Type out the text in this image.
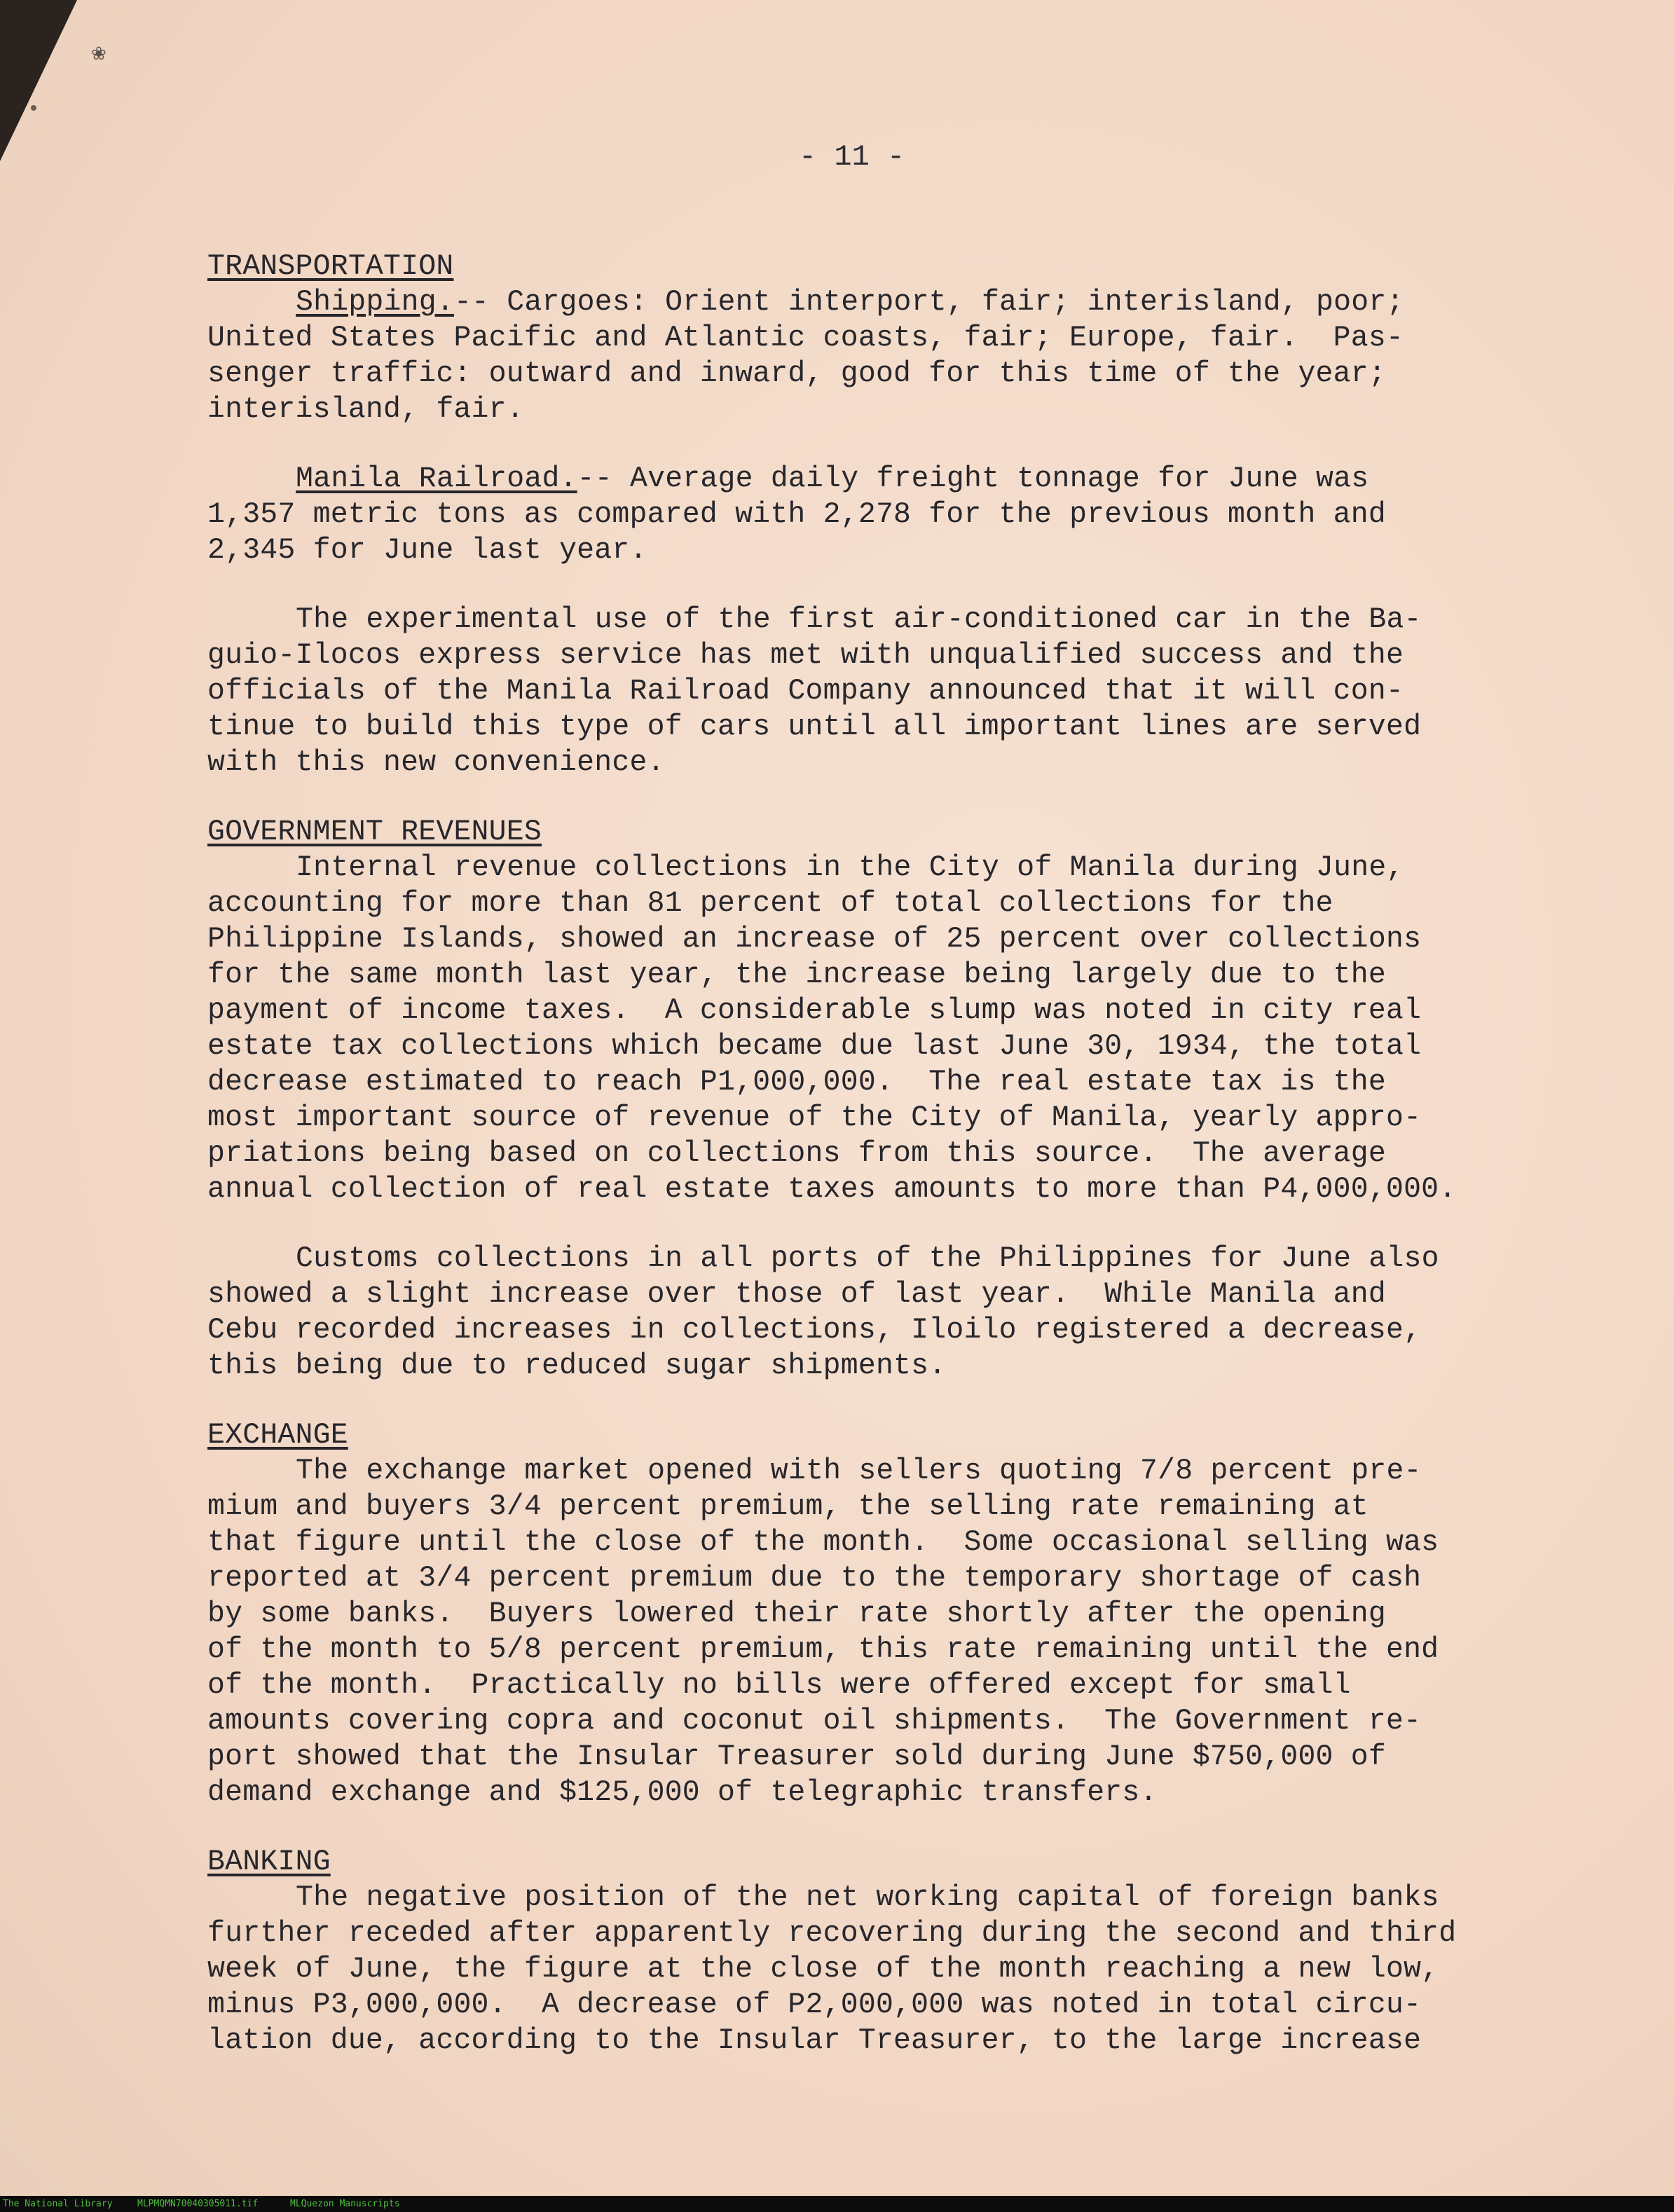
❀
- 11 -
TRANSPORTATION
Shipping.-- Cargoes: Orient interport, fair; interisland, poor;
United States Pacific and Atlantic coasts, fair; Europe, fair.  Pas-
senger traffic: outward and inward, good for this time of the year;
interisland, fair.
Manila Railroad.-- Average daily freight tonnage for June was
1,357 metric tons as compared with 2,278 for the previous month and
2,345 for June last year.
The experimental use of the first air-conditioned car in the Ba-
guio-Ilocos express service has met with unqualified success and the
officials of the Manila Railroad Company announced that it will con-
tinue to build this type of cars until all important lines are served
with this new convenience.
GOVERNMENT REVENUES
Internal revenue collections in the City of Manila during June,
accounting for more than 81 percent of total collections for the
Philippine Islands, showed an increase of 25 percent over collections
for the same month last year, the increase being largely due to the
payment of income taxes.  A considerable slump was noted in city real
estate tax collections which became due last June 30, 1934, the total
decrease estimated to reach P1,000,000.  The real estate tax is the
most important source of revenue of the City of Manila, yearly appro-
priations being based on collections from this source.  The average
annual collection of real estate taxes amounts to more than P4,000,000.
Customs collections in all ports of the Philippines for June also
showed a slight increase over those of last year.  While Manila and
Cebu recorded increases in collections, Iloilo registered a decrease,
this being due to reduced sugar shipments.
EXCHANGE
The exchange market opened with sellers quoting 7/8 percent pre-
mium and buyers 3/4 percent premium, the selling rate remaining at
that figure until the close of the month.  Some occasional selling was
reported at 3/4 percent premium due to the temporary shortage of cash
by some banks.  Buyers lowered their rate shortly after the opening
of the month to 5/8 percent premium, this rate remaining until the end
of the month.  Practically no bills were offered except for small
amounts covering copra and coconut oil shipments.  The Government re-
port showed that the Insular Treasurer sold during June $750,000 of
demand exchange and $125,000 of telegraphic transfers.
BANKING
The negative position of the net working capital of foreign banks
further receded after apparently recovering during the second and third
week of June, the figure at the close of the month reaching a new low,
minus P3,000,000.  A decrease of P2,000,000 was noted in total circu-
lation due, according to the Insular Treasurer, to the large increase
The National Library	MLPMQMN70040305011.tif	MLQuezon Manuscripts
